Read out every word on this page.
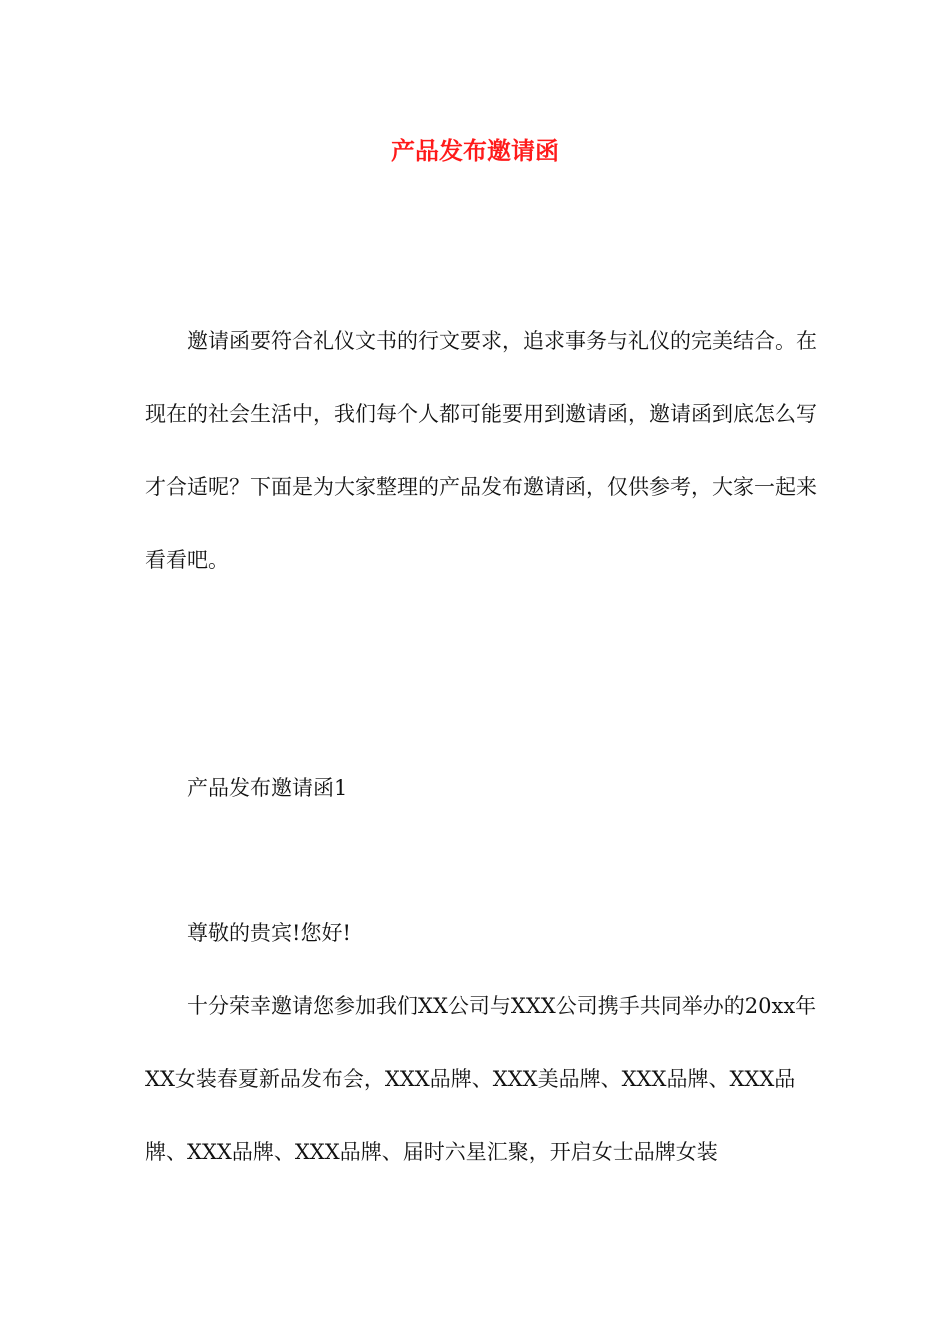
产品发布邀请函

邀请函要符合礼仪文书的行文要求，追求事务与礼仪的完美结合。在现在的社会生活中，我们每个人都可能要用到邀请函，邀请函到底怎么写才合适呢？下面是为大家整理的产品发布邀请函，仅供参考，大家一起来看看吧。

产品发布邀请函1

尊敬的贵宾!您好!

十分荣幸邀请您参加我们XX公司与XXX公司携手共同举办的20xx年XX女装春夏新品发布会，XXX品牌、XXX美品牌、XXX品牌、XXX品牌、XXX品牌、XXX品牌、届时六星汇聚，开启女士品牌女装
